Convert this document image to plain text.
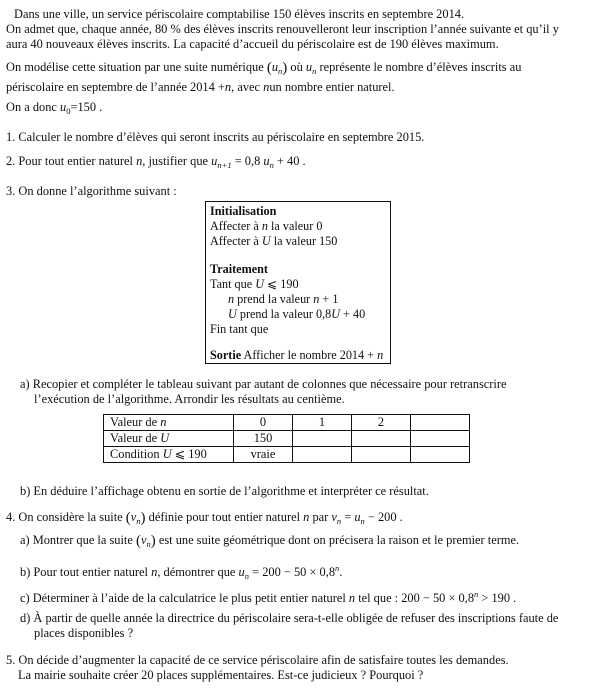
Dans une ville, un service périscolaire comptabilise 150 élèves inscrits en septembre 2014.
On admet que, chaque année, 80 % des élèves inscrits renouvelleront leur inscription l’année suivante et qu’il y
aura 40 nouveaux élèves inscrits. La capacité d’accueil du périscolaire est de 190 élèves maximum.
On modélise cette situation par une suite numérique $(u_n)$ où $u_n$ représente le nombre d’élèves inscrits au
périscolaire en septembre de l’année 2014 +n, avec nun nombre entier naturel.
On a donc $u_0=150$ .
1. Calculer le nombre d’élèves qui seront inscrits au périscolaire en septembre 2015.
2. Pour tout entier naturel n, justifier que $u_{n+1} = 0,8$ $u_n + 40$ .
3. On donne l’algorithme suivant :
Initialisation
Affecter à n la valeur 0
Affecter à U la valeur 150
Traitement
Tant que U ⩽ 190
n prend la valeur n + 1
U prend la valeur 0,8U + 40
Fin tant que
Sortie Afficher le nombre 2014 + n
a) Recopier et compléter le tableau suivant par autant de colonnes que nécessaire pour retranscrire
l’exécution de l’algorithme. Arrondir les résultats au centième.
Valeur de n	0	1	2	
Valeur de U	150			
Condition U ⩽ 190	vraie			
b) En déduire l’affichage obtenu en sortie de l’algorithme et interpréter ce résultat.
4. On considère la suite $(v_n)$ définie pour tout entier naturel n par $v_n = u_n - 200$ .
a) Montrer que la suite $(v_n)$ est une suite géométrique dont on précisera la raison et le premier terme.
b) Pour tout entier naturel n, démontrer que $u_n = 200 - 50 \times 0,8^n$.
c) Déterminer à l’aide de la calculatrice le plus petit entier naturel n tel que : $200 - 50 \times 0,8^n > 190$ .
d) À partir de quelle année la directrice du périscolaire sera-t-elle obligée de refuser des inscriptions faute de
places disponibles ?
5. On décide d’augmenter la capacité de ce service périscolaire afin de satisfaire toutes les demandes.
La mairie souhaite créer 20 places supplémentaires. Est-ce judicieux ? Pourquoi ?
